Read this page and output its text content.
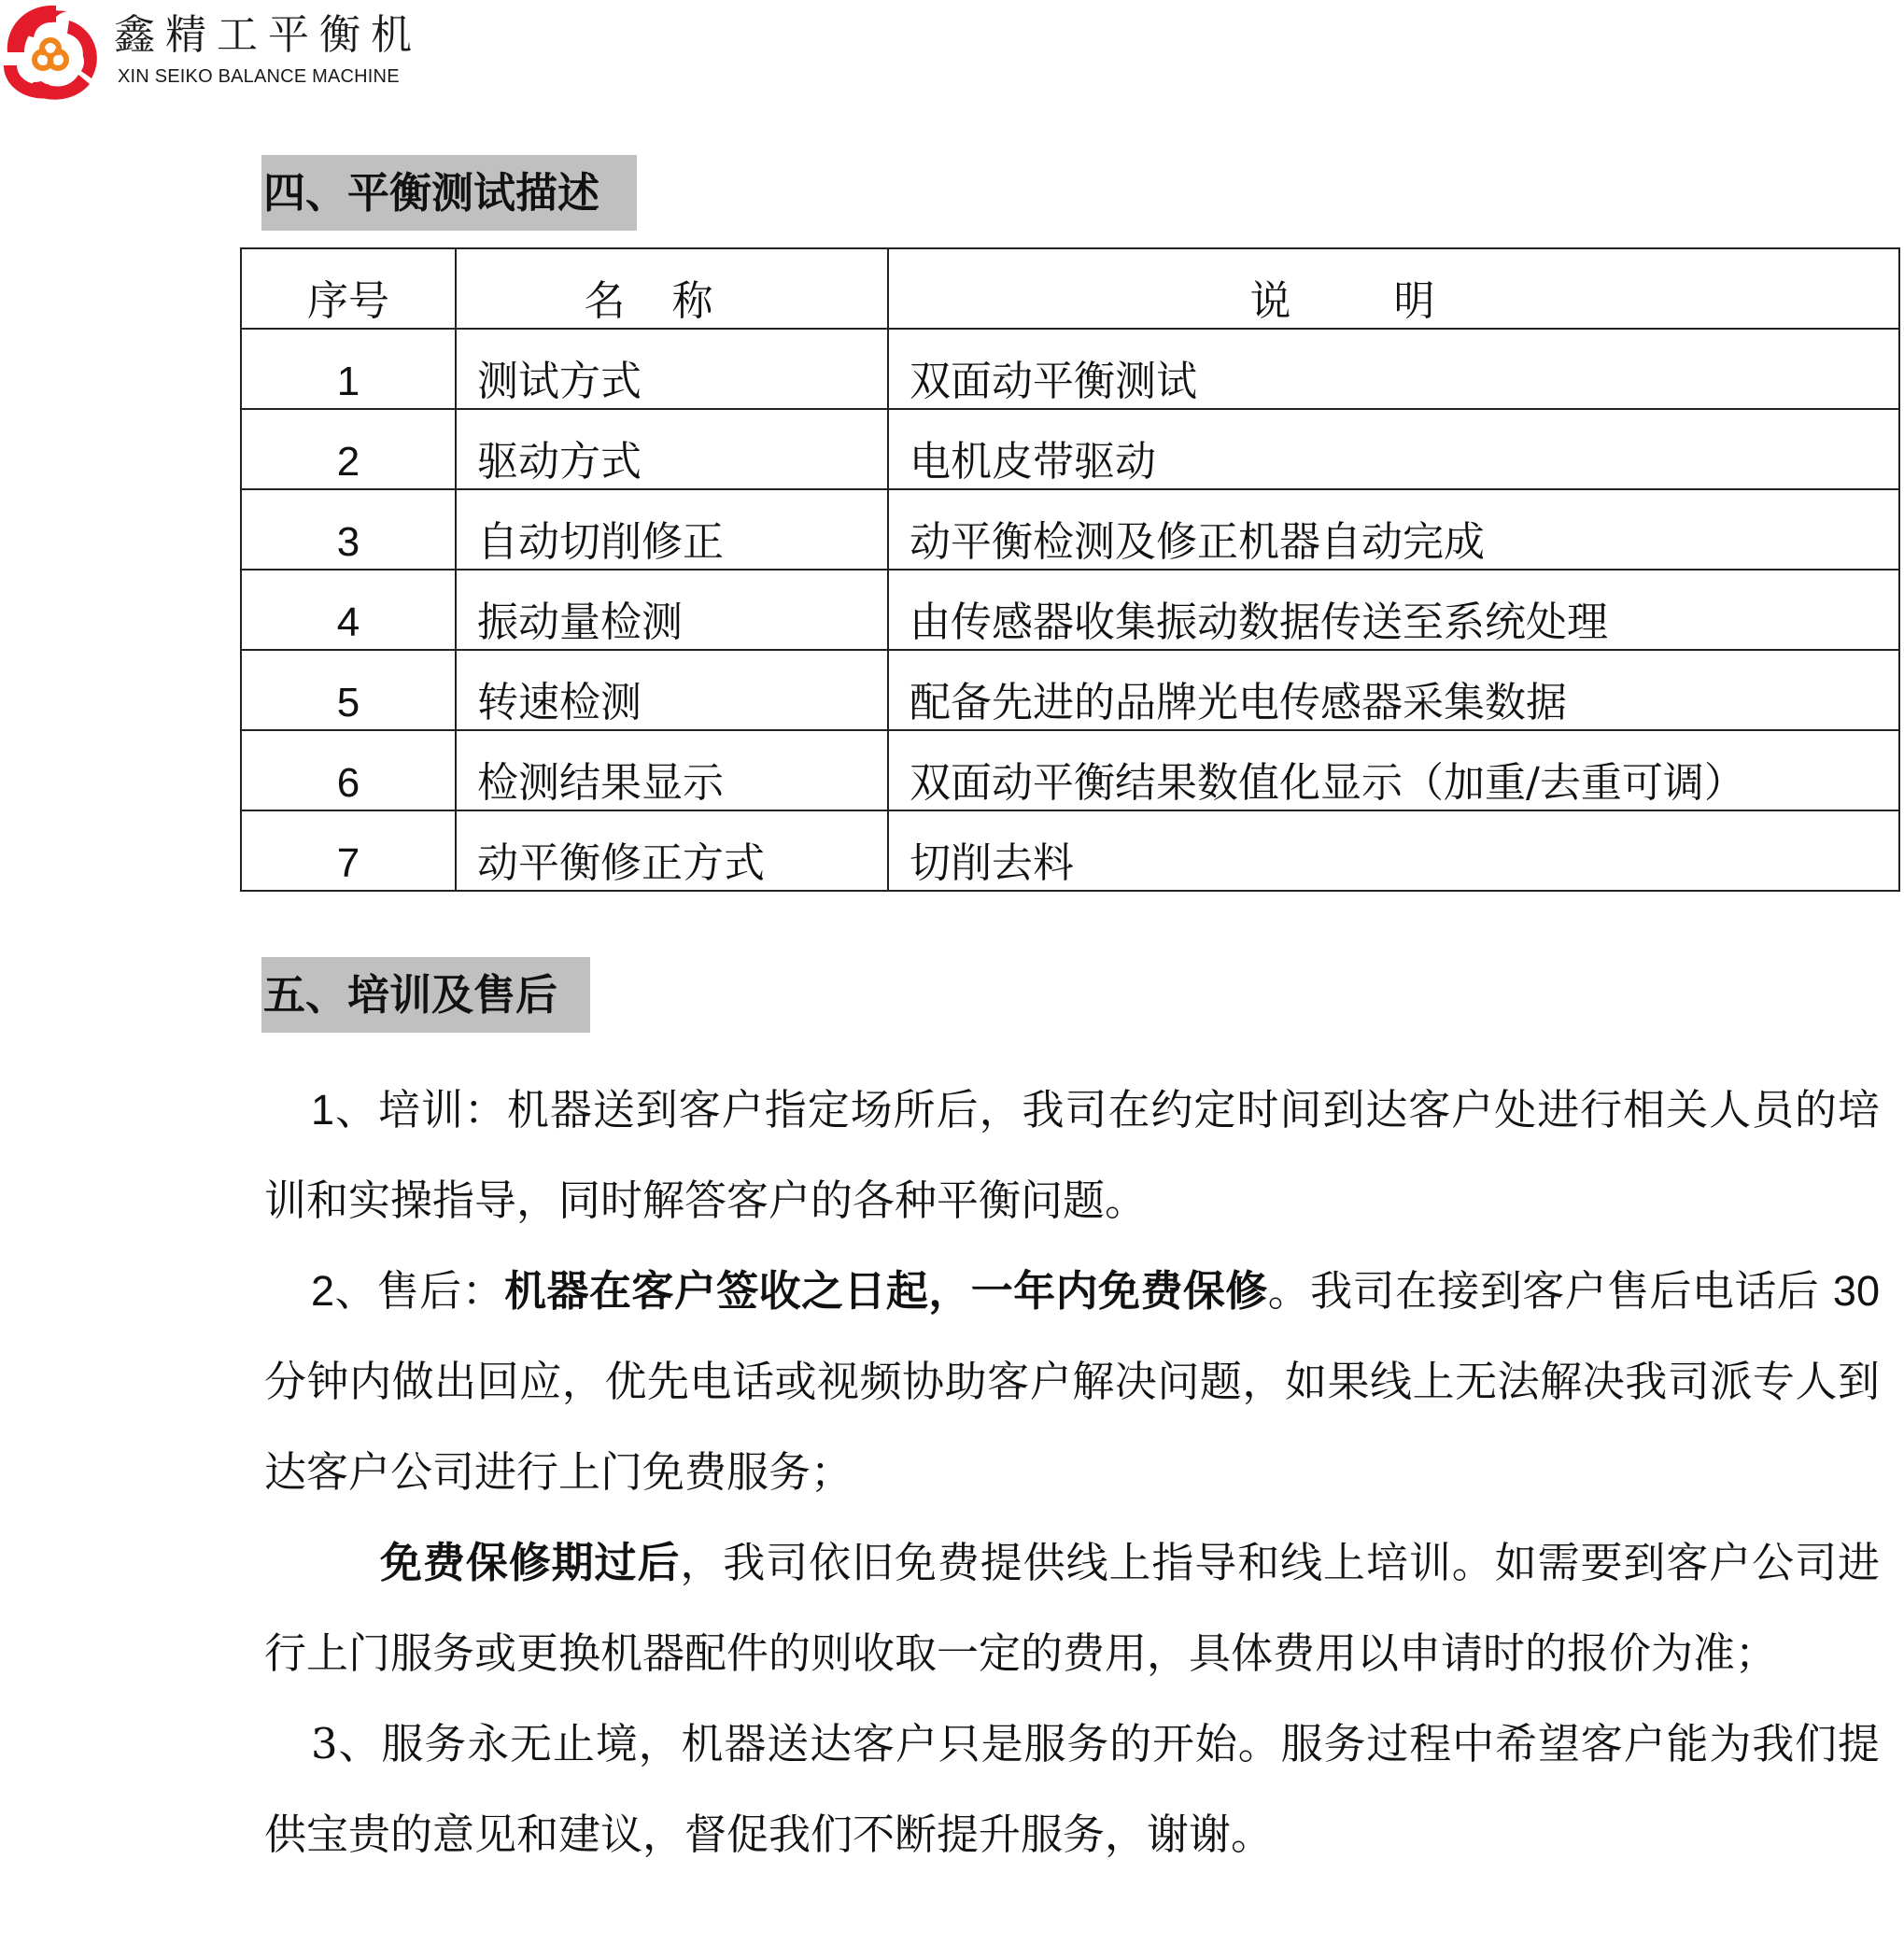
鑫精工平衡机
XIN SEIKO BALANCE MACHINE
四、平衡测试描述
序号	名称	说明
1	测试方式	双面动平衡测试
2	驱动方式	电机皮带驱动
3	自动切削修正	动平衡检测及修正机器自动完成
4	振动量检测	由传感器收集振动数据传送至系统处理
5	转速检测	配备先进的品牌光电传感器采集数据
6	检测结果显示	双面动平衡结果数值化显示（加重/去重可调）
7	动平衡修正方式	切削去料
五、培训及售后

1、培训：机器送到客户指定场所后，我司在约定时间到达客户处进行相关人员的培训和实操指导，同时解答客户的各种平衡问题。

2、售后：机器在客户签收之日起，一年内免费保修。我司在接到客户售后电话后 30 分钟内做出回应，优先电话或视频协助客户解决问题，如果线上无法解决我司派专人到达客户公司进行上门免费服务；

免费保修期过后，我司依旧免费提供线上指导和线上培训。如需要到客户公司进行上门服务或更换机器配件的则收取一定的费用，具体费用以申请时的报价为准；

3、服务永无止境，机器送达客户只是服务的开始。服务过程中希望客户能为我们提供宝贵的意见和建议，督促我们不断提升服务，谢谢。
